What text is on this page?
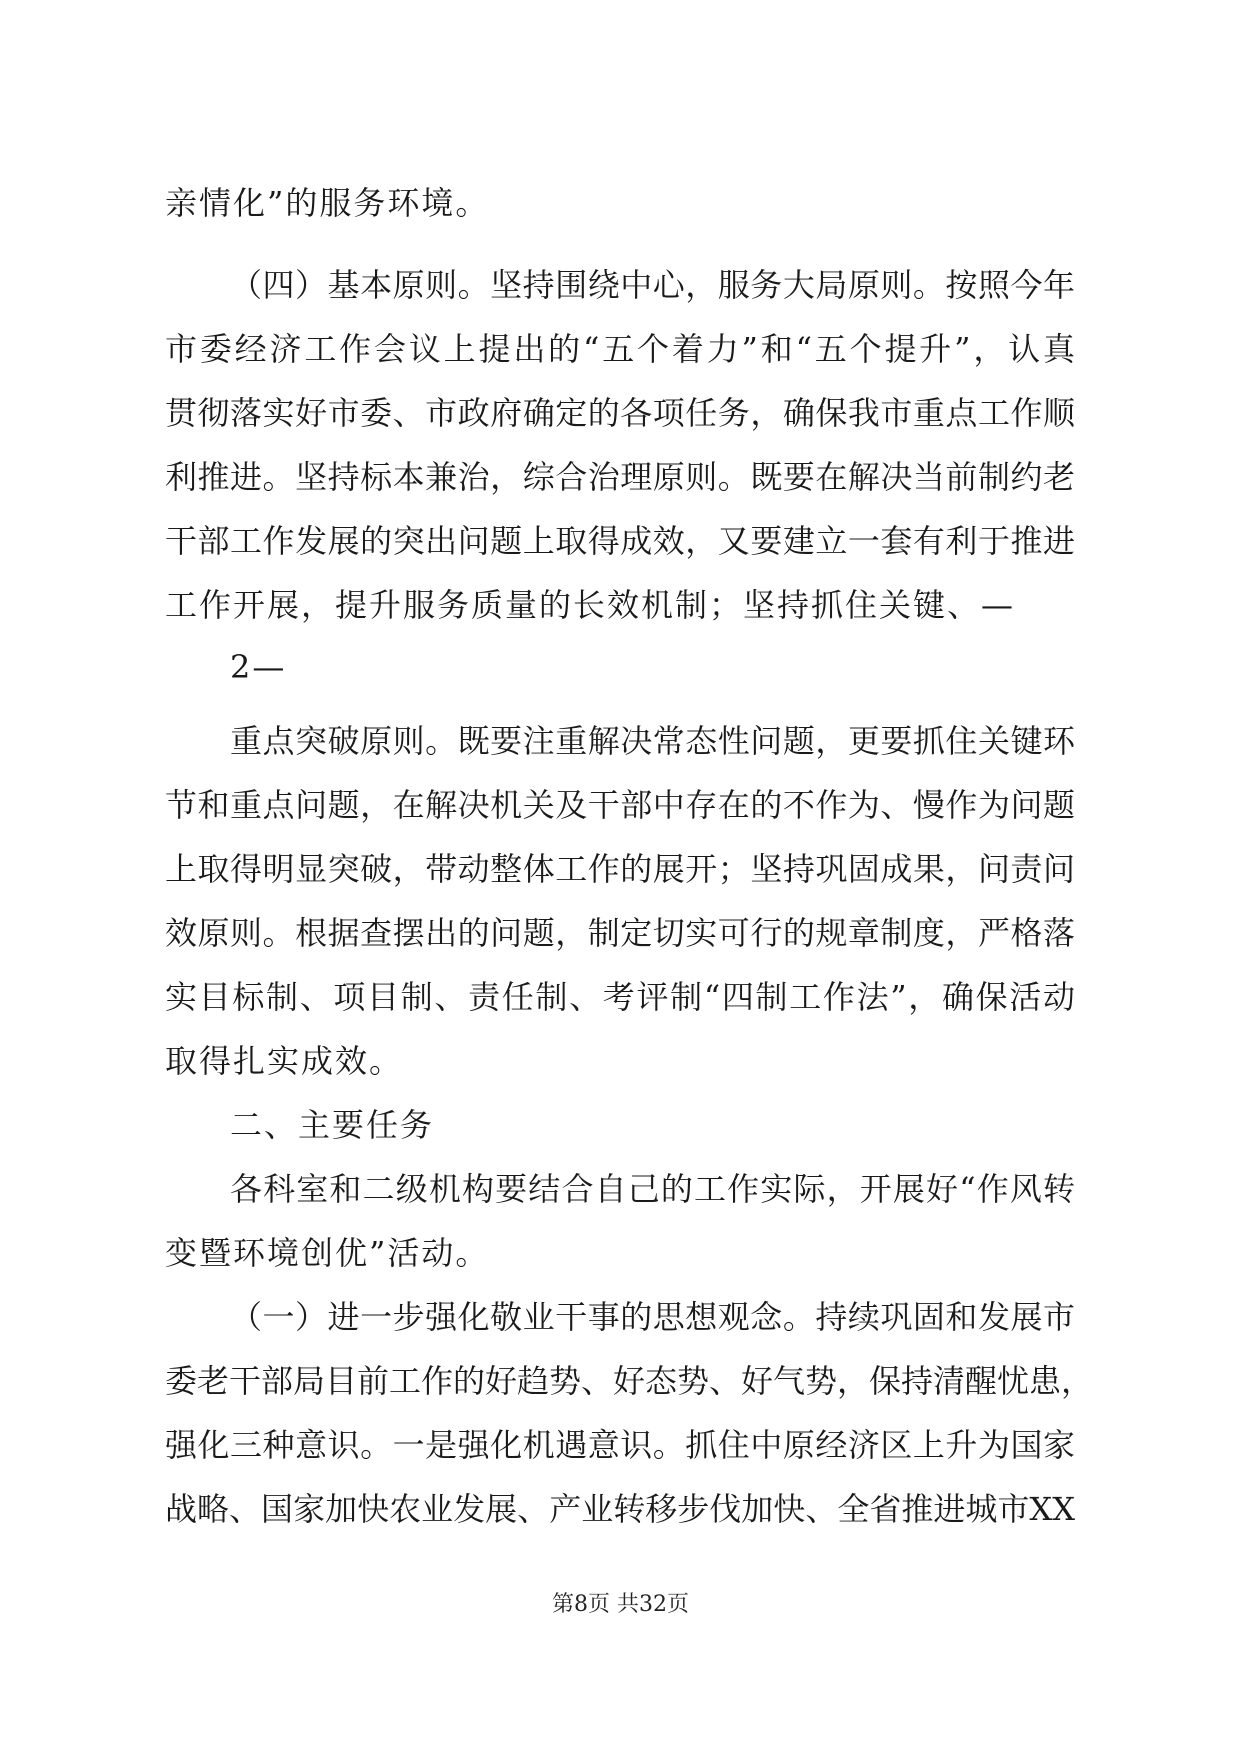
亲情化”的服务环境。
（四）基本原则。坚持围绕中心，服务大局原则。按照今年
市委经济工作会议上提出的“五个着力”和“五个提升”，认真
贯彻落实好市委、市政府确定的各项任务，确保我市重点工作顺
利推进。坚持标本兼治，综合治理原则。既要在解决当前制约老
干部工作发展的突出问题上取得成效，又要建立一套有利于推进
工作开展，提升服务质量的长效机制；坚持抓住关键、—
2—
重点突破原则。既要注重解决常态性问题，更要抓住关键环
节和重点问题，在解决机关及干部中存在的不作为、慢作为问题
上取得明显突破，带动整体工作的展开；坚持巩固成果，问责问
效原则。根据查摆出的问题，制定切实可行的规章制度，严格落
实目标制、项目制、责任制、考评制“四制工作法”，确保活动
取得扎实成效。
二、主要任务
各科室和二级机构要结合自己的工作实际，开展好“作风转
变暨环境创优”活动。
（一）进一步强化敬业干事的思想观念。持续巩固和发展市
委老干部局目前工作的好趋势、好态势、好气势，保持清醒忧患，
强化三种意识。一是强化机遇意识。抓住中原经济区上升为国家
战略、国家加快农业发展、产业转移步伐加快、全省推进城市XX
第8页 共32页
